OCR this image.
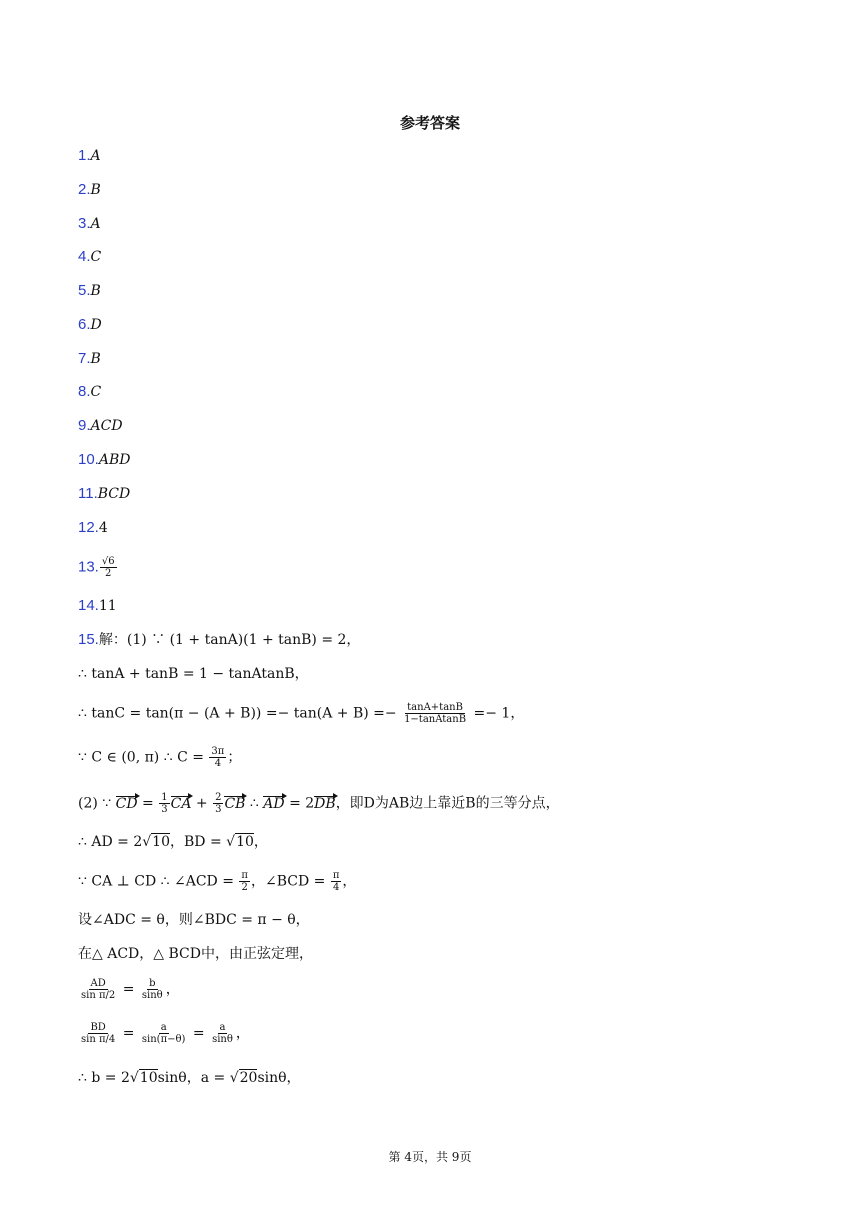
参考答案
1.A
2.B
3.A
4.C
5.B
6.D
7.B
8.C
9.ACD
10.ABD
11.BCD
12.4
13. $\frac{√6}{2}$
14.11
15.解：(1) ∵ (1 + tanA)(1 + tanB) = 2，
∴ tanA + tanB = 1 − tanAtanB，
∴ $\tan C = \tan(\pi - (A + B)) =- \tan(A + B) =- \frac{\tan A+\tan B}{\text{1−tanAtanB}} =- 1$，
∵ C ∈ (0, π) ∴ $C = \frac{3\pi}{4}$ ；
(2) ∵ CD = $\frac{1}{3}$ CA + $\frac{2}{3}$ CB ∴ AD = 2DB，即D为AB边上靠近B的三等分点，
∴ AD = 2√10，BD = √10，
∵ CA ⊥ CD ∴ ∠ACD = $\frac{\pi}{2}$ ，∠BCD = $\frac{\pi}{4}$ ，
设∠ADC = θ，则∠BDC = π − θ，
在△ ACD，△ BCD中，由正弦定理，
$\frac{AD}{\text{sin π/2}} = \frac{b}{\sin\theta}$ ，
$\frac{BD}{\text{sin π/4}} = \frac{a}{\sin(\pi-\theta)} = \frac{a}{\sin\theta}$ ，
∴ b = 2√10sinθ，a = √20sinθ，
第 4页，共 9页
